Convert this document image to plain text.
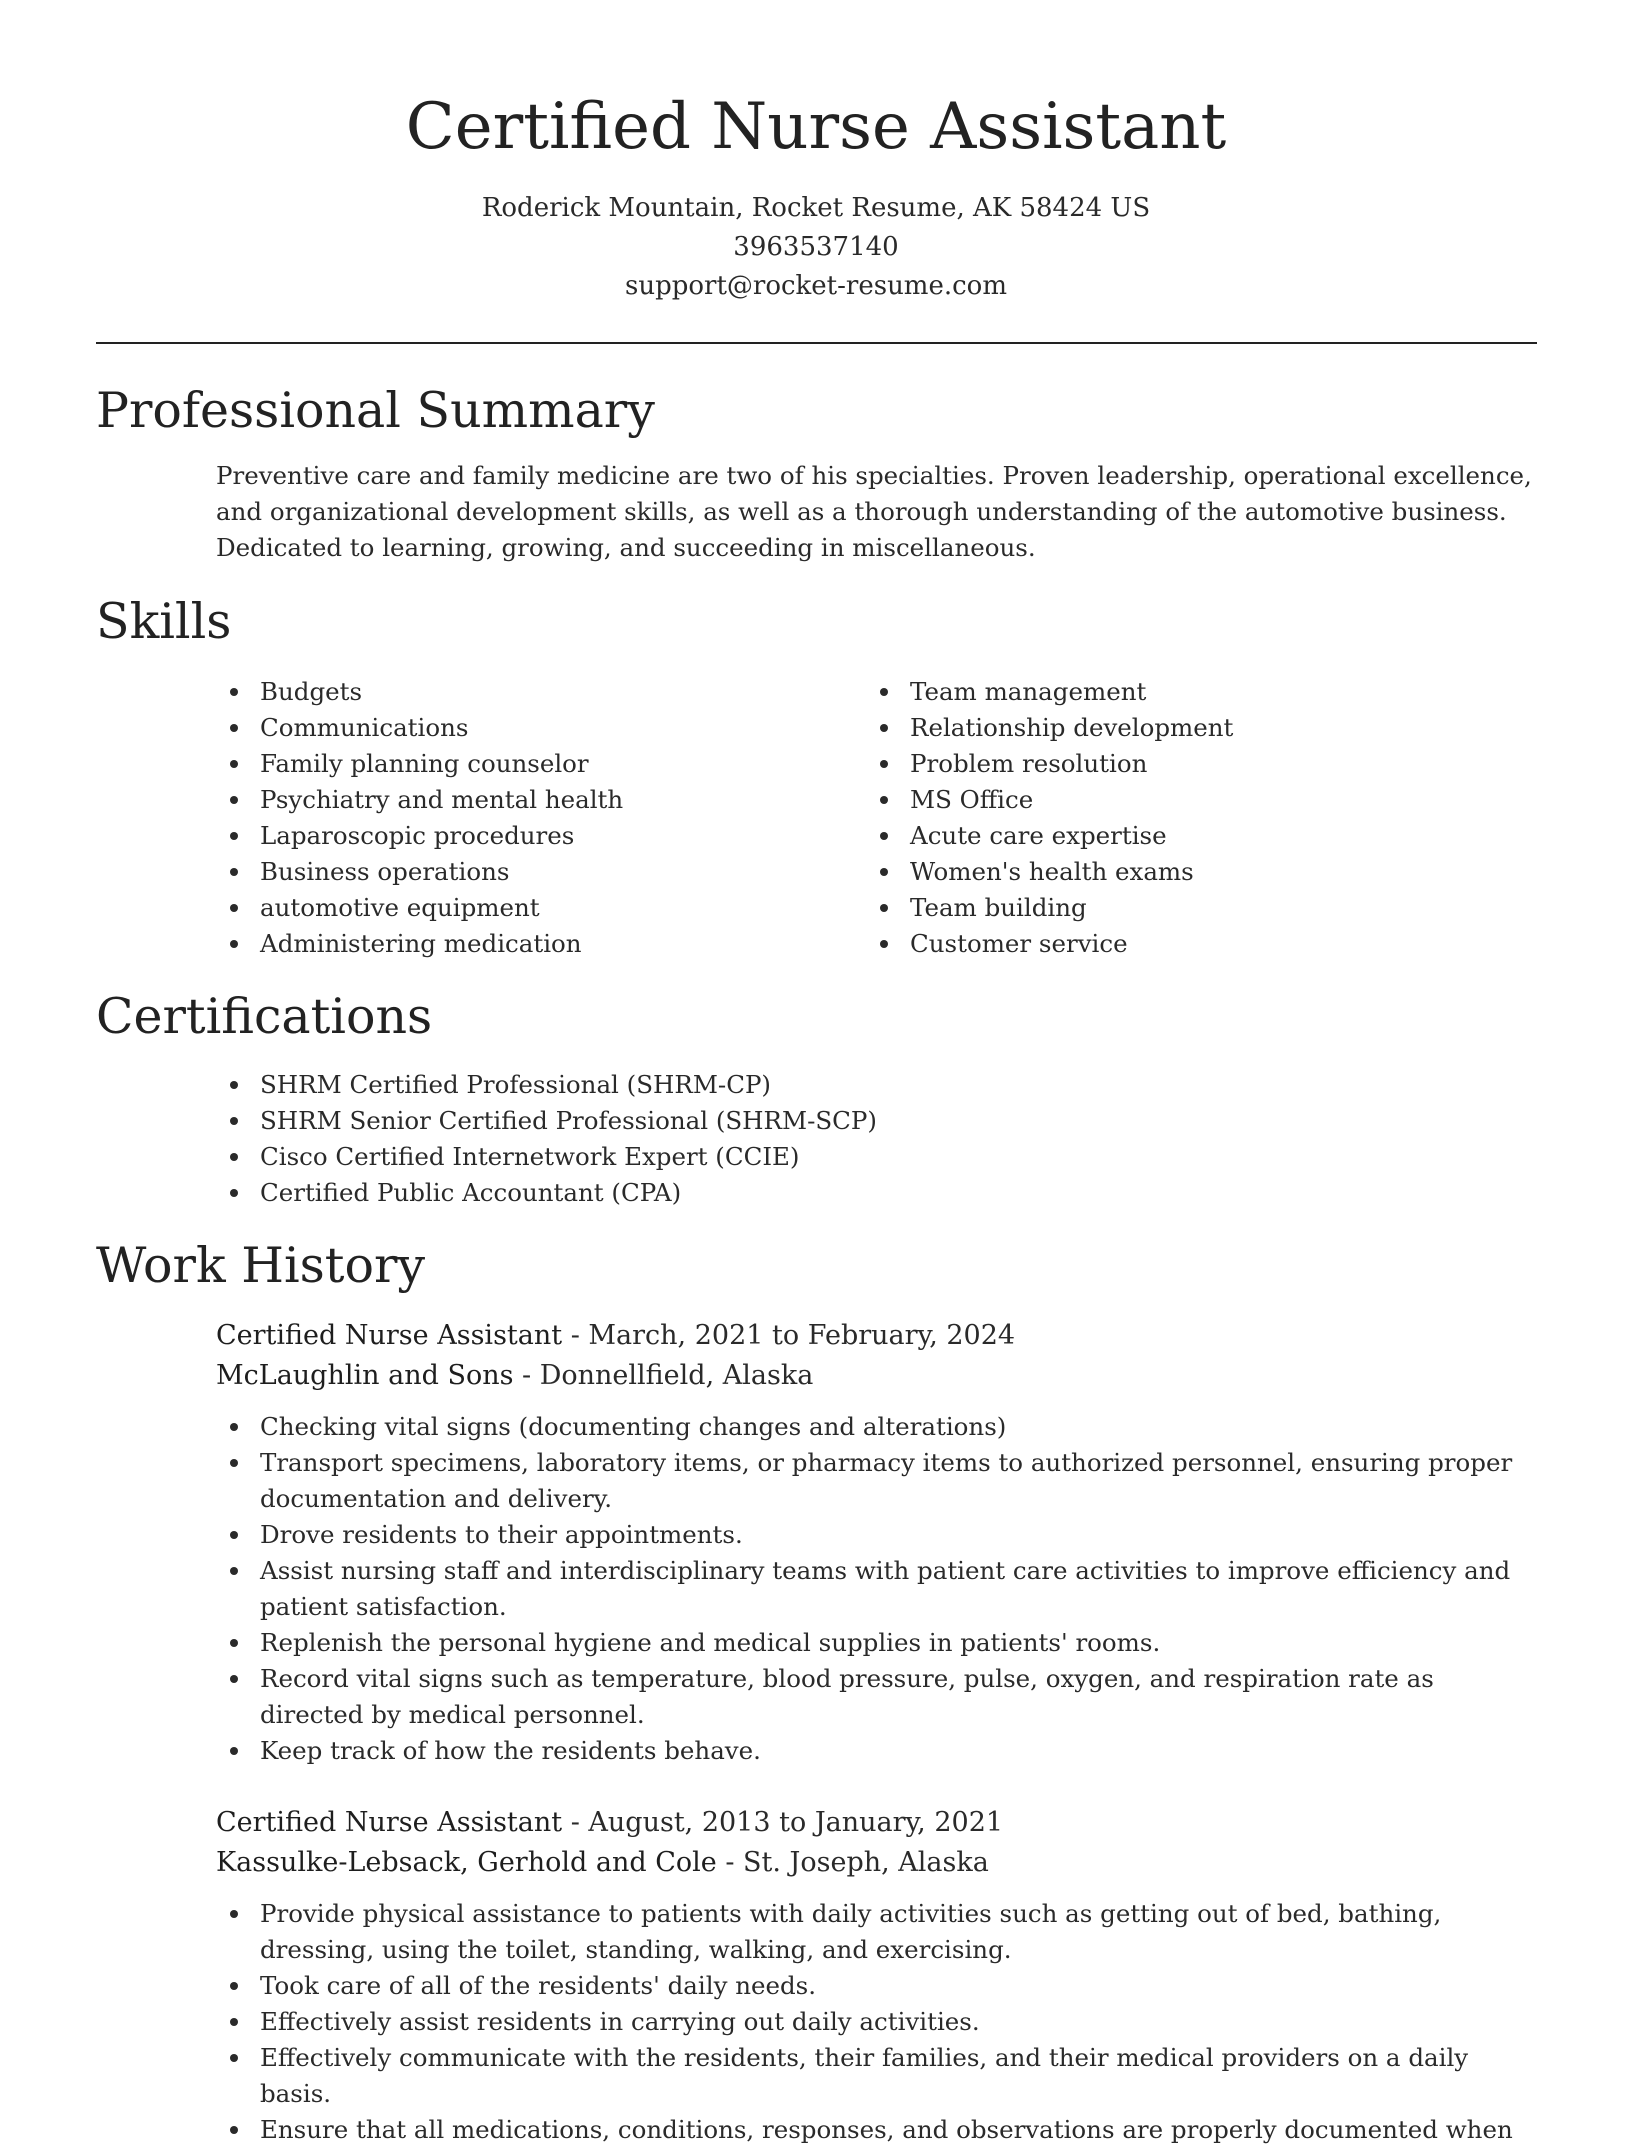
Certified Nurse Assistant
Roderick Mountain, Rocket Resume, AK 58424 US
3963537140
support@rocket-resume.com
Professional Summary

Preventive care and family medicine are two of his specialties. Proven leadership, operational excellence, and organizational development skills, as well as a thorough understanding of the automotive business. Dedicated to learning, growing, and succeeding in miscellaneous.

Skills
Budgets
Communications
Family planning counselor
Psychiatry and mental health
Laparoscopic procedures
Business operations
automotive equipment
Administering medication
Team management
Relationship development
Problem resolution
MS Office
Acute care expertise
Women's health exams
Team building
Customer service
Certifications
SHRM Certified Professional (SHRM-CP)
SHRM Senior Certified Professional (SHRM-SCP)
Cisco Certified Internetwork Expert (CCIE)
Certified Public Accountant (CPA)
Work History
Certified Nurse Assistant - March, 2021 to February, 2024
McLaughlin and Sons - Donnellfield, Alaska
Checking vital signs (documenting changes and alterations)
Transport specimens, laboratory items, or pharmacy items to authorized personnel, ensuring proper documentation and delivery.
Drove residents to their appointments.
Assist nursing staff and interdisciplinary teams with patient care activities to improve efficiency and patient satisfaction.
Replenish the personal hygiene and medical supplies in patients' rooms.
Record vital signs such as temperature, blood pressure, pulse, oxygen, and respiration rate as directed by medical personnel.
Keep track of how the residents behave.
Certified Nurse Assistant - August, 2013 to January, 2021
Kassulke-Lebsack, Gerhold and Cole - St. Joseph, Alaska
Provide physical assistance to patients with daily activities such as getting out of bed, bathing, dressing, using the toilet, standing, walking, and exercising.
Took care of all of the residents' daily needs.
Effectively assist residents in carrying out daily activities.
Effectively communicate with the residents, their families, and their medical providers on a daily basis.
Ensure that all medications, conditions, responses, and observations are properly documented when
